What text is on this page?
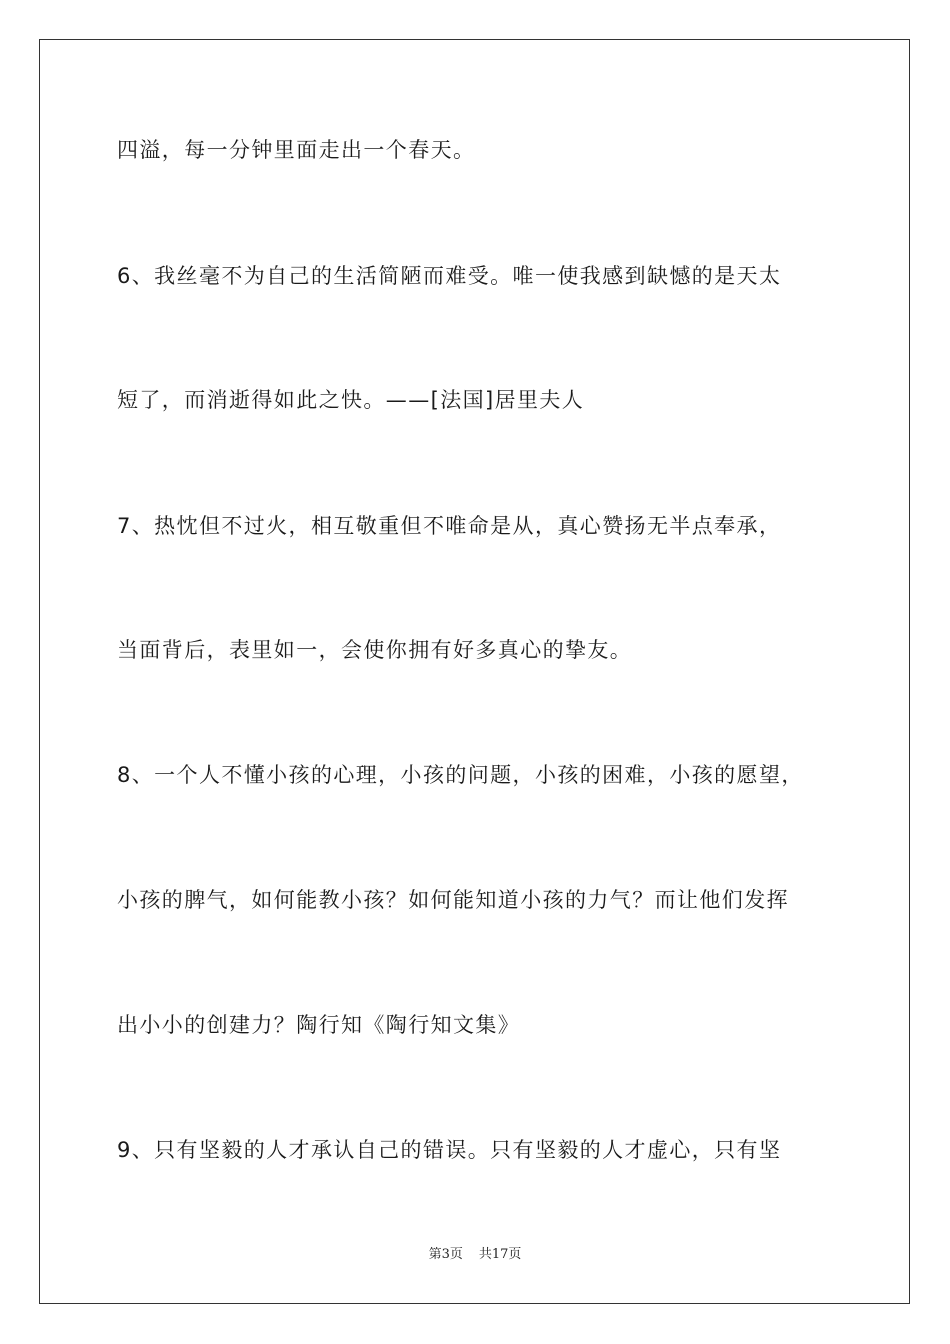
四溢，每一分钟里面走出一个春天。
6、我丝毫不为自己的生活简陋而难受。唯一使我感到缺憾的是天太
短了，而消逝得如此之快。——[法国]居里夫人
7、热忱但不过火，相互敬重但不唯命是从，真心赞扬无半点奉承，
当面背后，表里如一，会使你拥有好多真心的挚友。
8、一个人不懂小孩的心理，小孩的问题，小孩的困难，小孩的愿望，
小孩的脾气，如何能教小孩？如何能知道小孩的力气？而让他们发挥
出小小的创建力？陶行知《陶行知文集》
9、只有坚毅的人才承认自己的错误。只有坚毅的人才虚心，只有坚
第3页 共17页
